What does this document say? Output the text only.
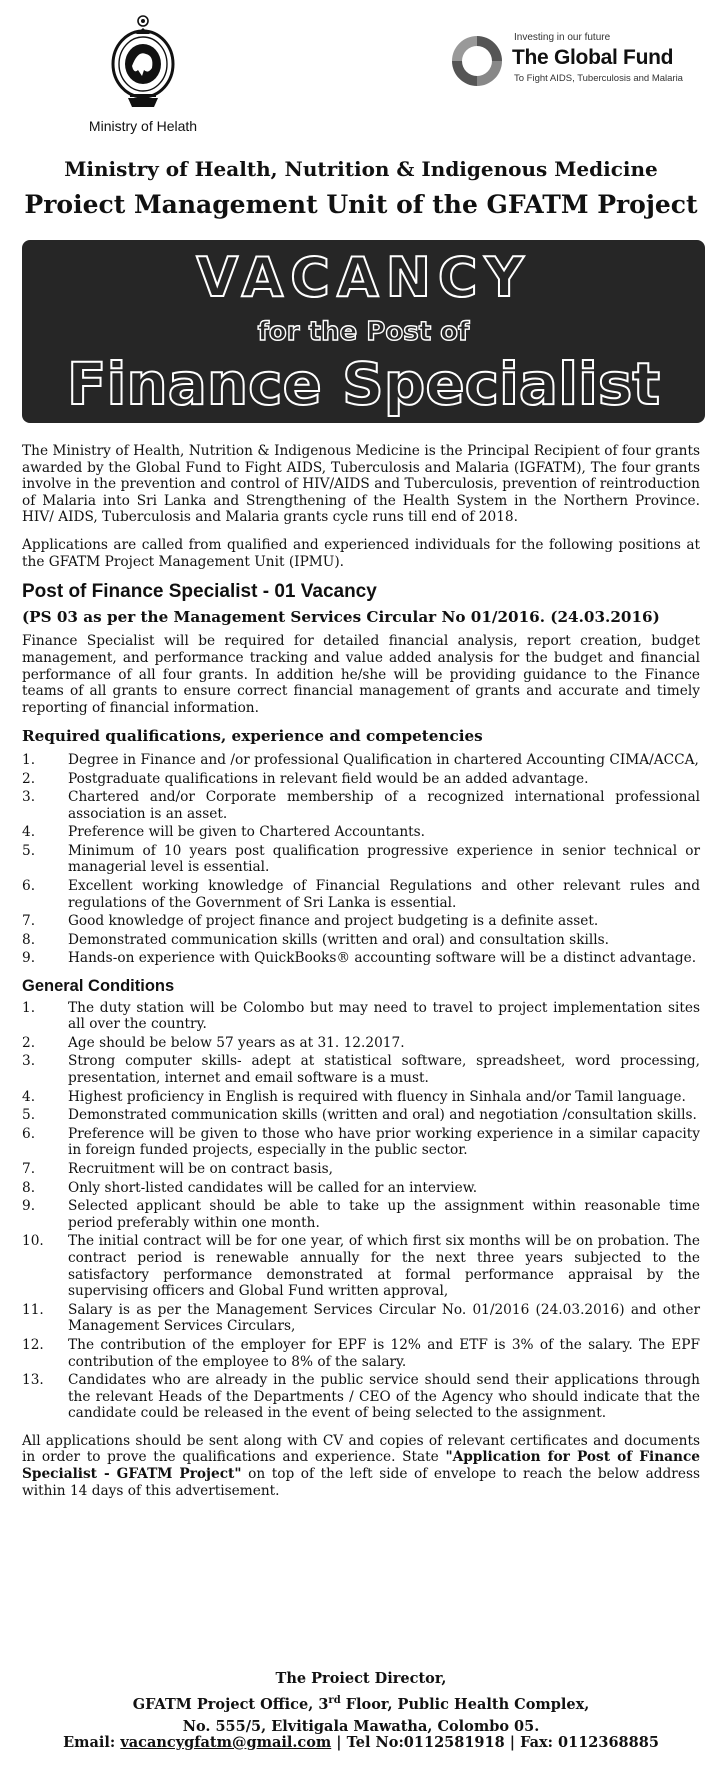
Ministry of Helath
Investing in our future
The Global Fund
To Fight AIDS, Tuberculosis and Malaria
Ministry of Health, Nutrition & Indigenous Medicine
Proiect Management Unit of the GFATM Project
VACANCY
for the Post of
Finance Specialist

The Ministry of Health, Nutrition & Indigenous Medicine is the Principal Recipient of four grants awarded by the Global Fund to Fight AIDS, Tuberculosis and Malaria (IGFATM), The four grants involve in the prevention and control of HIV/AIDS and Tuberculosis, prevention of reintroduction of Malaria into Sri Lanka and Strengthening of the Health System in the Northern Province. HIV/ AIDS, Tuberculosis and Malaria grants cycle runs till end of 2018.

Applications are called from qualified and experienced individuals for the following positions at the GFATM Project Management Unit (IPMU).

Post of Finance Specialist - 01 Vacancy
(PS 03 as per the Management Services Circular No 01/2016. (24.03.2016)

Finance Specialist will be required for detailed financial analysis, report creation, budget management, and performance tracking and value added analysis for the budget and financial performance of all four grants. In addition he/she will be providing guidance to the Finance teams of all grants to ensure correct financial management of grants and accurate and timely reporting of financial information.

Required qualifications, experience and competencies
1.	Degree in Finance and /or professional Qualification in chartered Accounting CIMA/ACCA,
2.	Postgraduate qualifications in relevant field would be an added advantage.
3.	Chartered and/or Corporate membership of a recognized international professional association is an asset.
4.	Preference will be given to Chartered Accountants.
5.	Minimum of 10 years post qualification progressive experience in senior technical or managerial level is essential.
6.	Excellent working knowledge of Financial Regulations and other relevant rules and regulations of the Government of Sri Lanka is essential.
7.	Good knowledge of project finance and project budgeting is a definite asset.
8.	Demonstrated communication skills (written and oral) and consultation skills.
9.	Hands-on experience with QuickBooks® accounting software will be a distinct advantage.
General Conditions
1.	The duty station will be Colombo but may need to travel to project implementation sites all over the country.
2.	Age should be below 57 years as at 31. 12.2017.
3.	Strong computer skills- adept at statistical software, spreadsheet, word processing, presentation, internet and email software is a must.
4.	Highest proficiency in English is required with fluency in Sinhala and/or Tamil language.
5.	Demonstrated communication skills (written and oral) and negotiation /consultation skills.
6.	Preference will be given to those who have prior working experience in a similar capacity in foreign funded projects, especially in the public sector.
7.	Recruitment will be on contract basis,
8.	Only short-listed candidates will be called for an interview.
9.	Selected applicant should be able to take up the assignment within reasonable time period preferably within one month.
10.	The initial contract will be for one year, of which first six months will be on probation. The contract period is renewable annually for the next three years subjected to the satisfactory performance demonstrated at formal performance appraisal by the supervising officers and Global Fund written approval,
11.	Salary is as per the Management Services Circular No. 01/2016 (24.03.2016) and other Management Services Circulars,
12.	The contribution of the employer for EPF is 12% and ETF is 3% of the salary. The EPF contribution of the employee to 8% of the salary.
13.	Candidates who are already in the public service should send their applications through the relevant Heads of the Departments / CEO of the Agency who should indicate that the candidate could be released in the event of being selected to the assignment.

All applications should be sent along with CV and copies of relevant certificates and documents in order to prove the qualifications and experience. State "Application for Post of Finance Specialist - GFATM Project" on top of the left side of envelope to reach the below address within 14 days of this advertisement.

The Proiect Director,
GFATM Project Office, 3rd Floor, Public Health Complex,
No. 555/5, Elvitigala Mawatha, Colombo 05.
Email: vacancygfatm@gmail.com | Tel No:0112581918 | Fax: 0112368885
